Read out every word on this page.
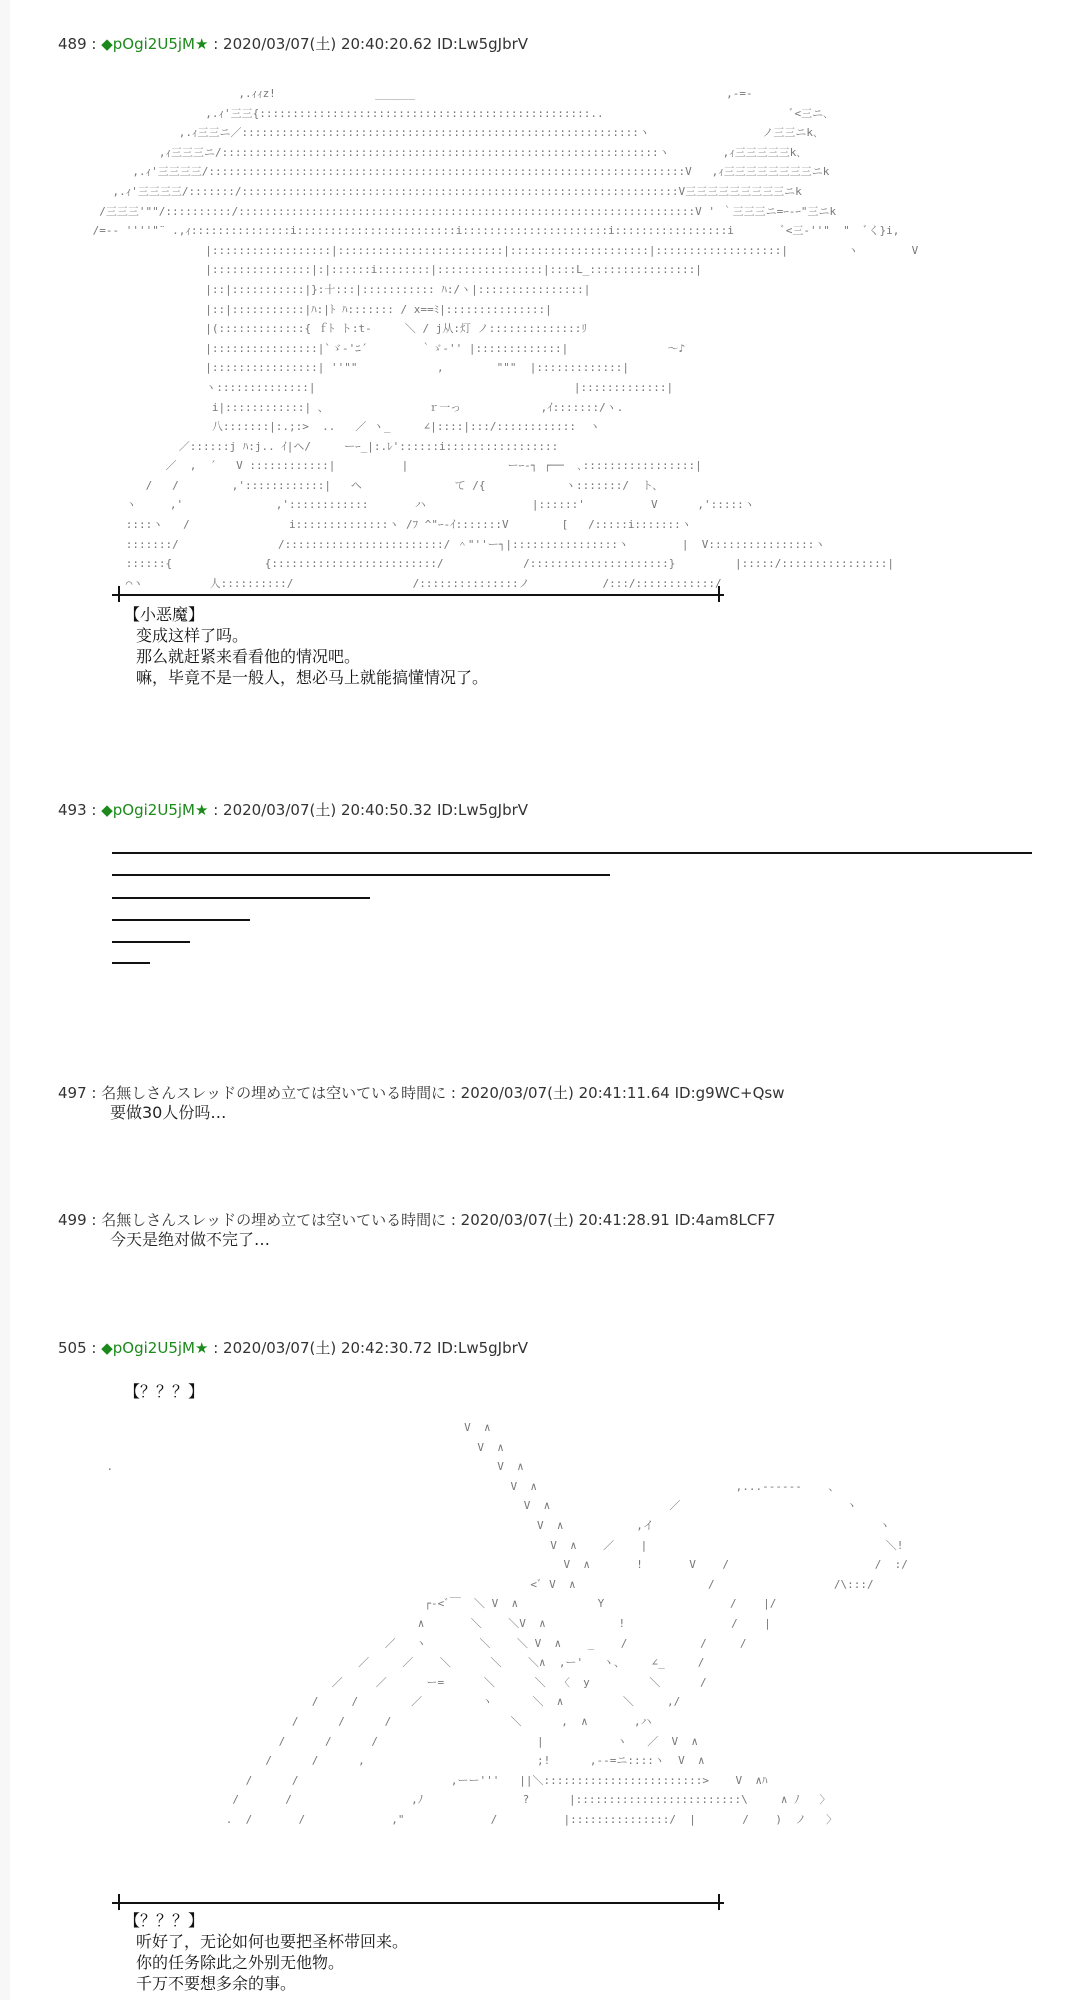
489 : ◆pOgi2U5jM★ : 2020/03/07(土) 20:40:20.62 ID:Lw5gJbrV
,.ｨｨz!               ______                                               ,-=-
,.ｨ'三三{::::::::::::::::::::::::::::::::::::::::::::::::::..                            ﾞ<三ニ､
,.ｨ三三ニ／::::::::::::::::::::::::::::::::::::::::::::::::::::::::::::ヽ                 ノ三三ニk､
,ｨ三三三ニ/::::::::::::::::::::::::::::::::::::::::::::::::::::::::::::::::::ヽ        ,ｨ三三三三三k､
,.ｨ'三三三三/::::::::::::::::::::::::::::::::::::::::::::::::::::::::::::::::::::::::V   ,ｨ三三三三三三三三ニk
,.ｨ'三三三三/:::::::/::::::::::::::::::::::::::::::::::::::::::::::::::::::::::::::::::V三三三三三三三三三ニk
/三三三'""/::::::::::/:::::::::::::::::::::::::::::::::::::::::::::::::::::::::::::::::::::V ' ｀三三三ニ=ｰ-ｰ"三ニk
/=-‐ ''''"¨ .,ｨ:::::::::::::::i::::::::::::::::::::::::i::::::::::::::::::::::i:::::::::::::::::i       ﾞ<三-''"  "  ﾞく}i,
|::::::::::::::::::|:::::::::::::::::::::::::|:::::::::::::::::::::|:::::::::::::::::::|         ヽ        V
|:::::::::::::::|:|::::::i::::::::|::::::::::::::::|::::L_::::::::::::::::|
|::|:::::::::::|}:十:::|::::::::::: ﾊ:/ヽ|::::::::::::::::|
|::|:::::::::::|ﾊ:|ﾄ ﾊ::::::: / x==ﾐ|:::::::::::::::|
|(:::::::::::::{ ｆﾄ ト:t-     ＼ / j从:灯 ノ::::::::::::::ﾘ
|::::::::::::::::|`ゞ-'ﾆ´        ｀ゞ-'' |:::::::::::::|               ～♪
|::::::::::::::::| ''""            ,        """  |:::::::::::::|
ヽ::::::::::::::|                                       |:::::::::::::|
i|::::::::::::| 、               ｒ一っ            ,ｲ:::::::/ヽ.
八:::::::|:.;:>  ..   ／ ヽ_     ∠|::::|:::/::::::::::::  ヽ
／::::::j ﾊ:j.. ｲ|ヘ/     ーｰ_|:.ﾚ'::::::i:::::::::::::::::
／  ,  ´   V ::::::::::::|          |               ーｰ-┐ ┌──  ､:::::::::::::::::|
/   /        ,'::::::::::::|   ヘ              て /{            ヽ:::::::/  ト、
ヽ     ,'              ,'::::::::::::       ハ                |::::::'          V      ,':::::ヽ
::::ヽ   /               i::::::::::::::ヽ /ﾌ ^"ｰ-ｲ:::::::V        [   /:::::i:::::::ヽ
:::::::/               /::::::::::::::::::::::::/ ＾"''ー┐|::::::::::::::::ヽ        |  V::::::::::::::::ヽ
::::::{              {:::::::::::::::::::::::::/            /:::::::::::::::::::::}         |:::::/::::::::::::::::|
⌒ヽ          人::::::::::/                  /:::::::::::::::ノ           /:::/::::::::::::/
【小恶魔】
变成这样了吗。
那么就赶紧来看看他的情况吧。
嘛，毕竟不是一般人，想必马上就能搞懂情况了。
493 : ◆pOgi2U5jM★ : 2020/03/07(土) 20:40:50.32 ID:Lw5gJbrV
497 : 名無しさんスレッドの埋め立ては空いている時間に : 2020/03/07(土) 20:41:11.64 ID:g9WC+Qsw
要做30人份吗…
499 : 名無しさんスレッドの埋め立ては空いている時間に : 2020/03/07(土) 20:41:28.91 ID:4am8LCF7
今天是绝对做不完了…
505 : ◆pOgi2U5jM★ : 2020/03/07(土) 20:42:30.72 ID:Lw5gJbrV
【？？？】
V  ∧
V  ∧
.                                                          V  ∧
V  ∧                              ,...-‐‐‐‐-    、
V  ∧                  ／                         ヽ
V  ∧           ,イ                                  ヽ
V  ∧    ／    |                                    ＼!
V  ∧       !       V    /                      /  :/
<ﾞ V  ∧                    /                  /\:::/
┌-<ﾞ￣  ＼ V  ∧            Y                   /    |/
∧       ＼    ＼V  ∧           !                /    |
／   ヽ        ＼    ＼ V  ∧    _    /           /     /
／     ／    ＼      ＼    ＼∧  ,ー'   ヽ、    ∠_     /
／     ／      ー=      ＼      ＼  〈  y         ＼      /
/     /        ／         ヽ      ＼  ∧         ＼     ,/
/      /      /                  ＼      ,  ∧       ,ハ
/      /      /                        |           ヽ   ／  V  ∧
/      /      ,                          ;!      ,-‐=ニ::::ヽ  V  ∧
/      /                       ,ーー'''   ||＼::::::::::::::::::::::::>    V  ∧ﾊ
/       /                  ,ﾉ               ?      |:::::::::::::::::::::::::\     ∧ ﾉ   〉
.  /       /             ,"             /          |:::::::::::::::/  |       /    )  ノ   〉
【？？？】
听好了，无论如何也要把圣杯带回来。
你的任务除此之外别无他物。
千万不要想多余的事。
